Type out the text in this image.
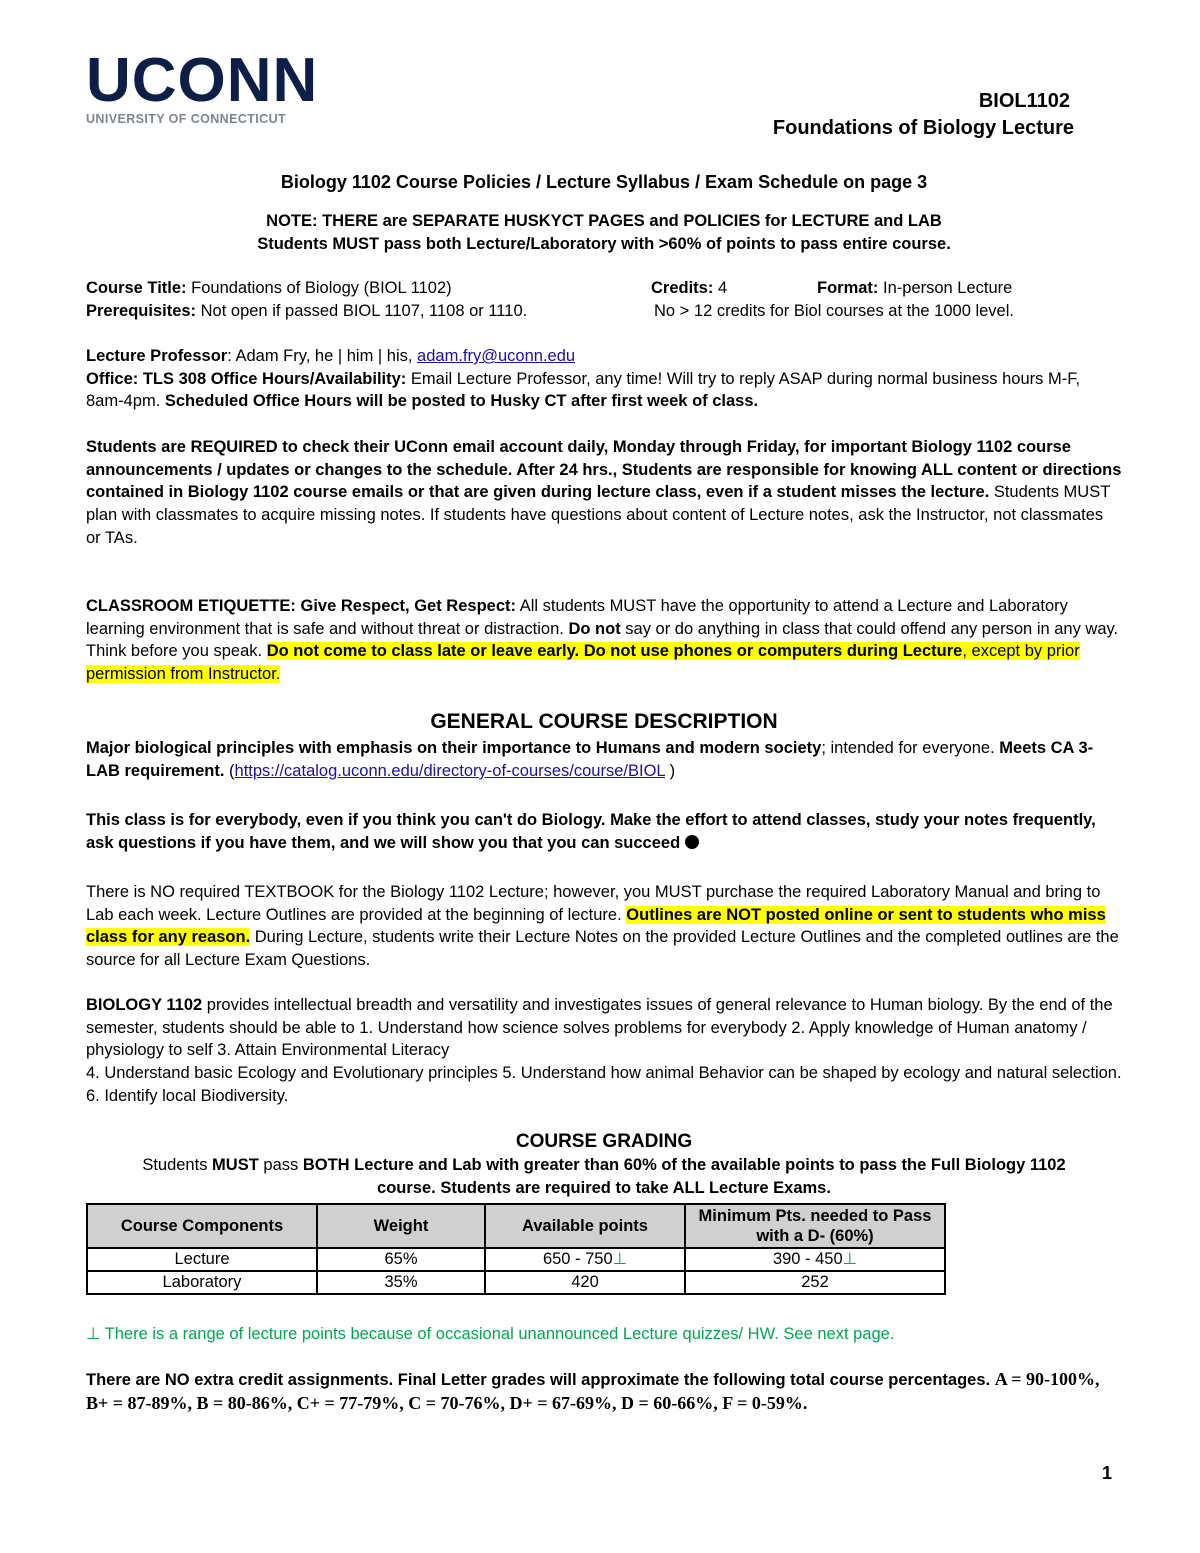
UCONN
UNIVERSITY OF CONNECTICUT
BIOL1102
Foundations of Biology Lecture
Biology 1102 Course Policies / Lecture Syllabus / Exam Schedule on page 3
NOTE: THERE are SEPARATE HUSKYCT PAGES and POLICIES for LECTURE and LAB
Students MUST pass both Lecture/Laboratory with >60% of points to pass entire course.
Course Title: Foundations of Biology (BIOL 1102)	Credits: 4	Format: In-person Lecture
Prerequisites: Not open if passed BIOL 1107, 1108 or 1110.	No > 12 credits for Biol courses at the 1000 level.
Lecture Professor: Adam Fry, he | him | his, adam.fry@uconn.edu
Office: TLS 308 Office Hours/Availability: Email Lecture Professor, any time! Will try to reply ASAP during normal business hours M-F, 8am-4pm. Scheduled Office Hours will be posted to Husky CT after first week of class.
Students are REQUIRED to check their UConn email account daily, Monday through Friday, for important Biology 1102 course announcements / updates or changes to the schedule. After 24 hrs., Students are responsible for knowing ALL content or directions contained in Biology 1102 course emails or that are given during lecture class, even if a student misses the lecture. Students MUST plan with classmates to acquire missing notes. If students have questions about content of Lecture notes, ask the Instructor, not classmates or TAs.
CLASSROOM ETIQUETTE: Give Respect, Get Respect: All students MUST have the opportunity to attend a Lecture and Laboratory learning environment that is safe and without threat or distraction. Do not say or do anything in class that could offend any person in any way. Think before you speak. Do not come to class late or leave early. Do not use phones or computers during Lecture, except by prior permission from Instructor.
GENERAL COURSE DESCRIPTION
Major biological principles with emphasis on their importance to Humans and modern society; intended for everyone. Meets CA 3-LAB requirement. (https://catalog.uconn.edu/directory-of-courses/course/BIOL )
This class is for everybody, even if you think you can't do Biology. Make the effort to attend classes, study your notes frequently, ask questions if you have them, and we will show you that you can succeed
There is NO required TEXTBOOK for the Biology 1102 Lecture; however, you MUST purchase the required Laboratory Manual and bring to Lab each week. Lecture Outlines are provided at the beginning of lecture. Outlines are NOT posted online or sent to students who miss class for any reason. During Lecture, students write their Lecture Notes on the provided Lecture Outlines and the completed outlines are the source for all Lecture Exam Questions.
BIOLOGY 1102 provides intellectual breadth and versatility and investigates issues of general relevance to Human biology. By the end of the semester, students should be able to 1. Understand how science solves problems for everybody 2. Apply knowledge of Human anatomy / physiology to self 3. Attain Environmental Literacy
4. Understand basic Ecology and Evolutionary principles 5. Understand how animal Behavior can be shaped by ecology and natural selection. 6. Identify local Biodiversity.
COURSE GRADING
Students MUST pass BOTH Lecture and Lab with greater than 60% of the available points to pass the Full Biology 1102 course. Students are required to take ALL Lecture Exams.
Course Components	Weight	Available points	Minimum Pts. needed to Pass with a D- (60%)
Lecture	65%	650 - 750⊥	390 - 450⊥
Laboratory	35%	420	252
⊥ There is a range of lecture points because of occasional unannounced Lecture quizzes/ HW. See next page.
There are NO extra credit assignments. Final Letter grades will approximate the following total course percentages. A = 90-100%, B+ = 87-89%, B = 80-86%, C+ = 77-79%, C = 70-76%, D+ = 67-69%, D = 60-66%, F = 0-59%.
1
